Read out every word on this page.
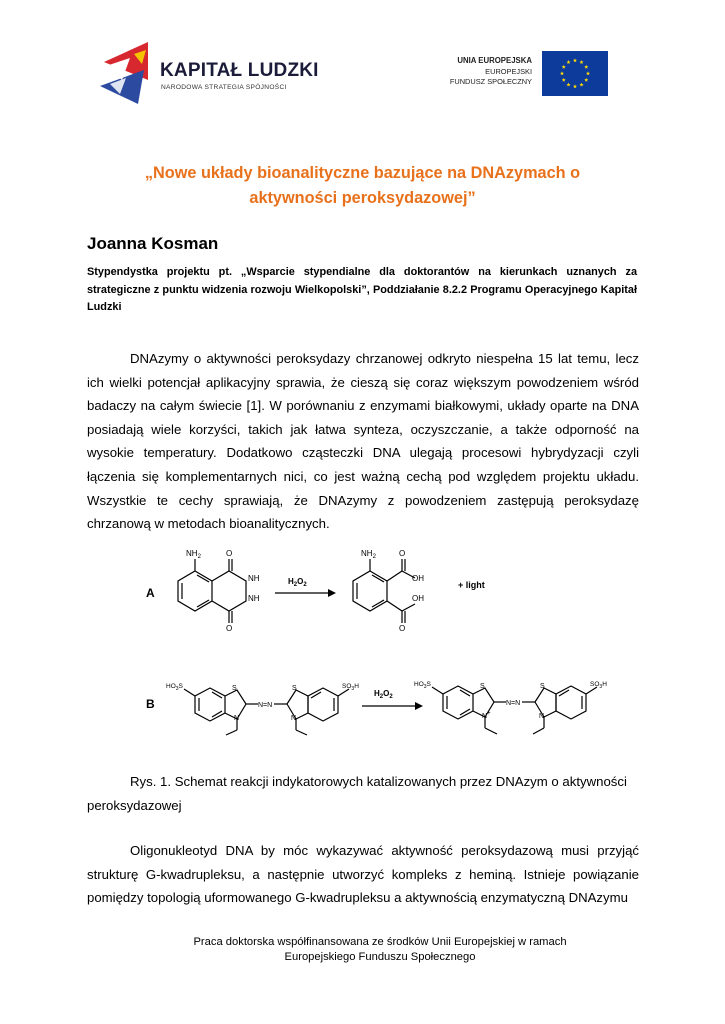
KAPITAŁ LUDZKI
NARODOWA STRATEGIA SPÓJNOŚCI
UNIA EUROPEJSKA
EUROPEJSKI
FUNDUSZ SPOŁECZNY
„Nowe układy bioanalityczne bazujące na DNAzymach o aktywności peroksydazowej”
Joanna Kosman
Stypendystka projektu pt. „Wsparcie stypendialne dla doktorantów na kierunkach uznanych za strategiczne z punktu widzenia rozwoju Wielkopolski”, Poddziałanie 8.2.2 Programu Operacyjnego Kapitał Ludzki
DNAzymy o aktywności peroksydazy chrzanowej odkryto niespełna 15 lat temu, lecz ich wielki potencjał aplikacyjny sprawia, że cieszą się coraz większym powodzeniem wśród badaczy na całym świecie [1]. W porównaniu z enzymami białkowymi, układy oparte na DNA posiadają wiele korzyści, takich jak łatwa synteza, oczyszczanie, a także odporność na wysokie temperatury. Dodatkowo cząsteczki DNA ulegają procesowi hybrydyzacji czyli łączenia się komplementarnych nici, co jest ważną cechą pod względem projektu układu. Wszystkie te cechy sprawiają, że DNAzymy z powodzeniem zastępują peroksydazę chrzanową w metodach bioanalitycznych.
A
$NH_2$	O
NH
NH
O
$H_2O_2$
$NH_2$	O
OH
OH
O
+ light
B
$HO_3S$	S
N
N=N
S
N
$SO_3H$
$H_2O_2$
$HO_3S$	S
N+
N=N
S
N
$SO_3H$
Rys. 1. Schemat reakcji indykatorowych katalizowanych przez DNAzym o aktywności peroksydazowej
Oligonukleotyd DNA by móc wykazywać aktywność peroksydazową musi przyjąć strukturę G-kwadrupleksu, a następnie utworzyć kompleks z heminą. Istnieje powiązanie pomiędzy topologią uformowanego G-kwadrupleksu a aktywnością enzymatyczną DNAzymu
Praca doktorska współfinansowana ze środków Unii Europejskiej w ramach
Europejskiego Funduszu Społecznego
